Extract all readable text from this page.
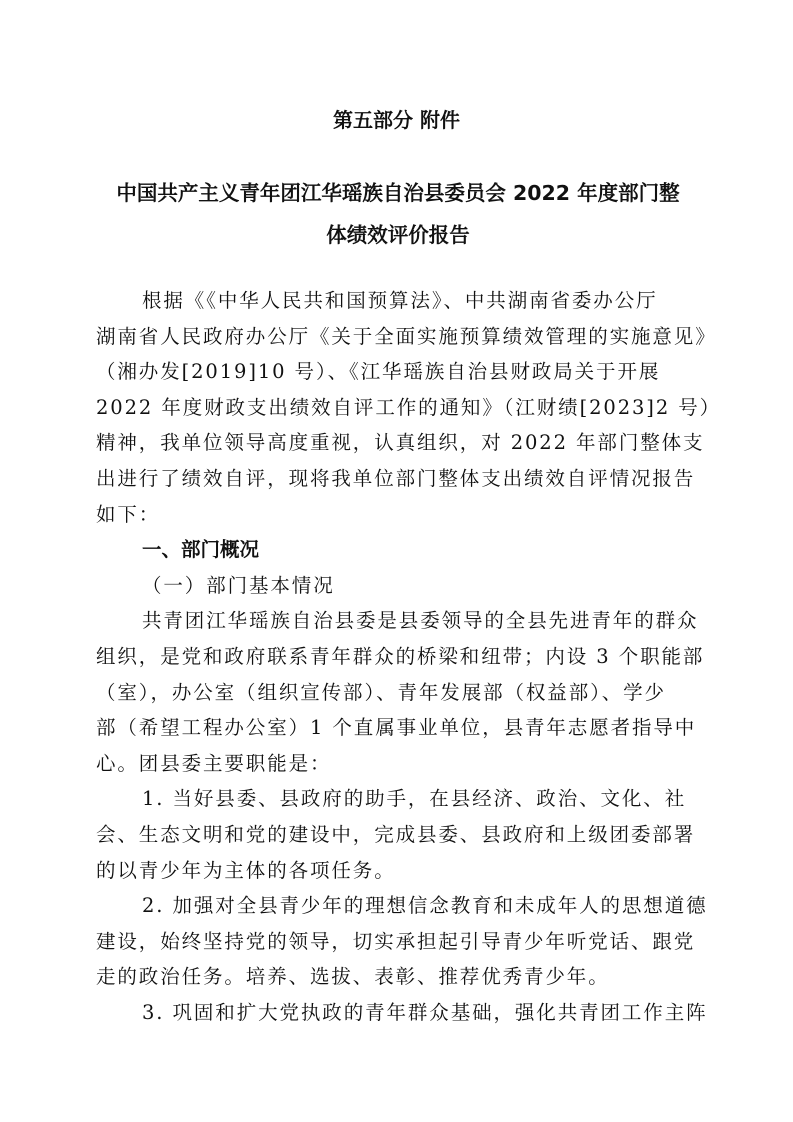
第五部分 附件
中国共产主义青年团江华瑶族自治县委员会 2022 年度部门整
体绩效评价报告
根据《《中华人民共和国预算法》、中共湖南省委办公厅
湖南省人民政府办公厅《关于全面实施预算绩效管理的实施意见》
（湘办发[2019]10 号）、《江华瑶族自治县财政局关于开展
2022 年度财政支出绩效自评工作的通知》（江财绩[2023]2 号）
精神，我单位领导高度重视，认真组织，对 2022 年部门整体支
出进行了绩效自评，现将我单位部门整体支出绩效自评情况报告
如下：

一、部门概况

（一）部门基本情况

共青团江华瑶族自治县委是县委领导的全县先进青年的群众
组织，是党和政府联系青年群众的桥梁和纽带；内设 3 个职能部
（室），办公室（组织宣传部）、青年发展部（权益部）、学少
部（希望工程办公室）1 个直属事业单位，县青年志愿者指导中
心。团县委主要职能是：
1. 当好县委、县政府的助手，在县经济、政治、文化、社
会、生态文明和党的建设中，完成县委、县政府和上级团委部署
的以青少年为主体的各项任务。
2. 加强对全县青少年的理想信念教育和未成年人的思想道德
建设，始终坚持党的领导，切实承担起引导青少年听党话、跟党
走的政治任务。培养、选拔、表彰、推荐优秀青少年。
3. 巩固和扩大党执政的青年群众基础，强化共青团工作主阵
